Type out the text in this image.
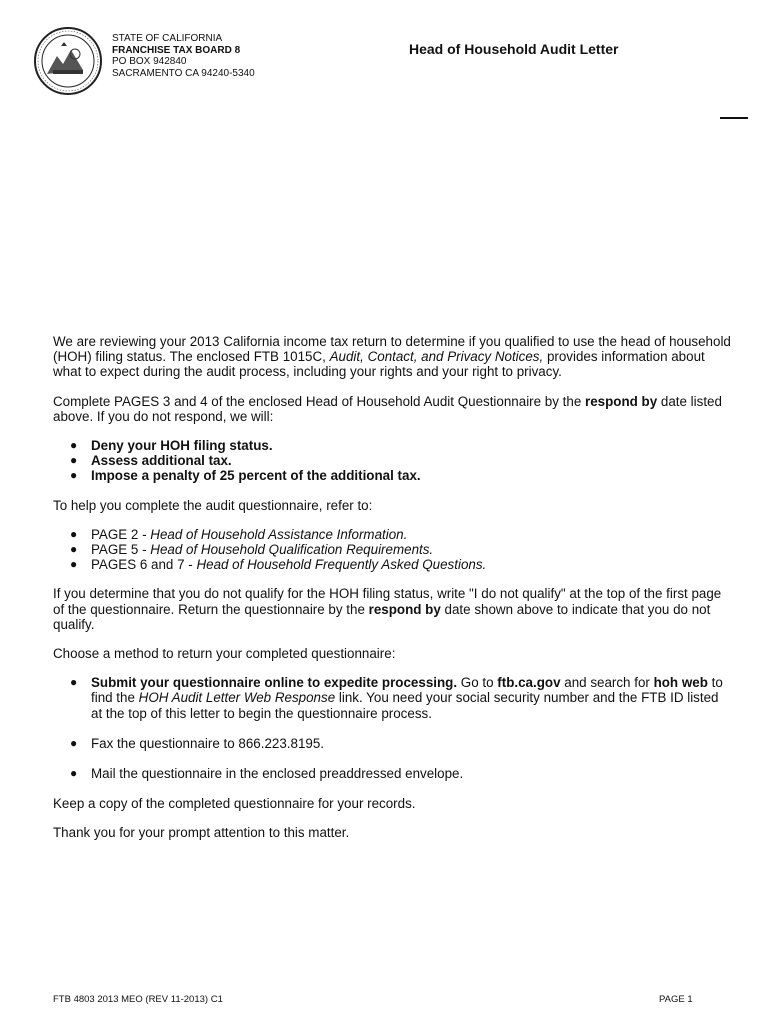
STATE OF CALIFORNIA
FRANCHISE TAX BOARD 8
PO BOX 942840
SACRAMENTO CA 94240-5340
Head of Household Audit Letter

We are reviewing your 2013 California income tax return to determine if you qualified to use the head of household (HOH) filing status. The enclosed FTB 1015C, Audit, Contact, and Privacy Notices, provides information about what to expect during the audit process, including your rights and your right to privacy.

Complete PAGES 3 and 4 of the enclosed Head of Household Audit Questionnaire by the respond by date listed above. If you do not respond, we will:

● Deny your HOH filing status.
● Assess additional tax.
● Impose a penalty of 25 percent of the additional tax.

To help you complete the audit questionnaire, refer to:

● PAGE 2 - Head of Household Assistance Information.
● PAGE 5 - Head of Household Qualification Requirements.
● PAGES 6 and 7 - Head of Household Frequently Asked Questions.

If you determine that you do not qualify for the HOH filing status, write "I do not qualify" at the top of the first page of the questionnaire. Return the questionnaire by the respond by date shown above to indicate that you do not qualify.

Choose a method to return your completed questionnaire:

● Submit your questionnaire online to expedite processing. Go to ftb.ca.gov and search for hoh web to find the HOH Audit Letter Web Response link. You need your social security number and the FTB ID listed at the top of this letter to begin the questionnaire process.
● Fax the questionnaire to 866.223.8195.
● Mail the questionnaire in the enclosed preaddressed envelope.

Keep a copy of the completed questionnaire for your records.

Thank you for your prompt attention to this matter.

FTB 4803 2013 MEO (REV 11-2013) C1	PAGE 1
